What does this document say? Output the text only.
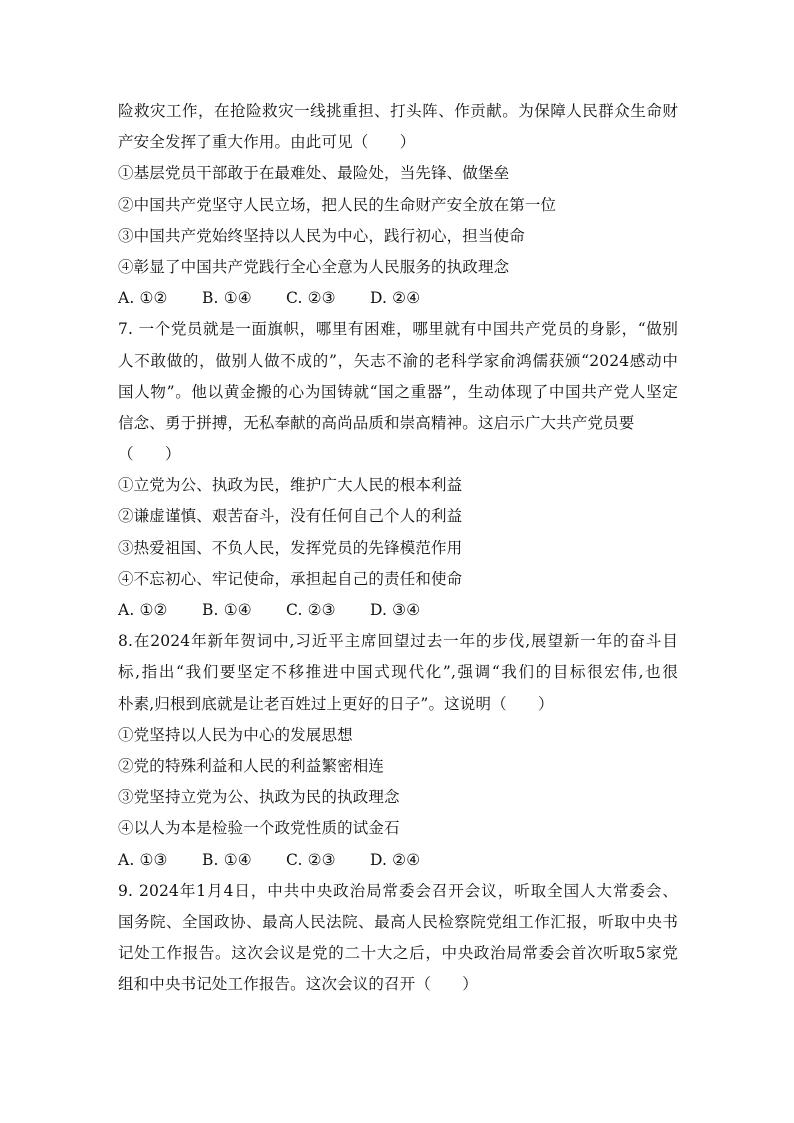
险救灾工作，在抢险救灾一线挑重担、打头阵、作贡献。为保障人民群众生命财
产安全发挥了重大作用。由此可见（　　）
①基层党员干部敢于在最难处、最险处，当先锋、做堡垒
②中国共产党坚守人民立场，把人民的生命财产安全放在第一位
③中国共产党始终坚持以人民为中心，践行初心，担当使命
④彰显了中国共产党践行全心全意为人民服务的执政理念
A. ①②	B. ①④	C. ②③	D. ②④
7. 一个党员就是一面旗帜，哪里有困难，哪里就有中国共产党员的身影，“做别
人不敢做的，做别人做不成的”，矢志不渝的老科学家俞鸿儒获颁“2024感动中
国人物”。他以黄金搬的心为国铸就“国之重器”，生动体现了中国共产党人坚定
信念、勇于拼搏，无私奉献的高尚品质和崇高精神。这启示广大共产党员要
（　　）
①立党为公、执政为民，维护广大人民的根本利益
②谦虚谨慎、艰苦奋斗，没有任何自己个人的利益
③热爱祖国、不负人民，发挥党员的先锋模范作用
④不忘初心、牢记使命，承担起自己的责任和使命
A. ①②	B. ①④	C. ②③	D. ③④
8.在2024年新年贺词中,习近平主席回望过去一年的步伐,展望新一年的奋斗目
标,指出“我们要坚定不移推进中国式现代化”,强调“我们的目标很宏伟,也很
朴素,归根到底就是让老百姓过上更好的日子”。这说明（　　）
①党坚持以人民为中心的发展思想
②党的特殊利益和人民的利益繁密相连
③党坚持立党为公、执政为民的执政理念
④以人为本是检验一个政党性质的试金石
A. ①③	B. ①④	C. ②③	D. ②④
9. 2024年1月4日，中共中央政治局常委会召开会议，听取全国人大常委会、
国务院、全国政协、最高人民法院、最高人民检察院党组工作汇报，听取中央书
记处工作报告。这次会议是党的二十大之后，中央政治局常委会首次听取5家党
组和中央书记处工作报告。这次会议的召开（　　）
